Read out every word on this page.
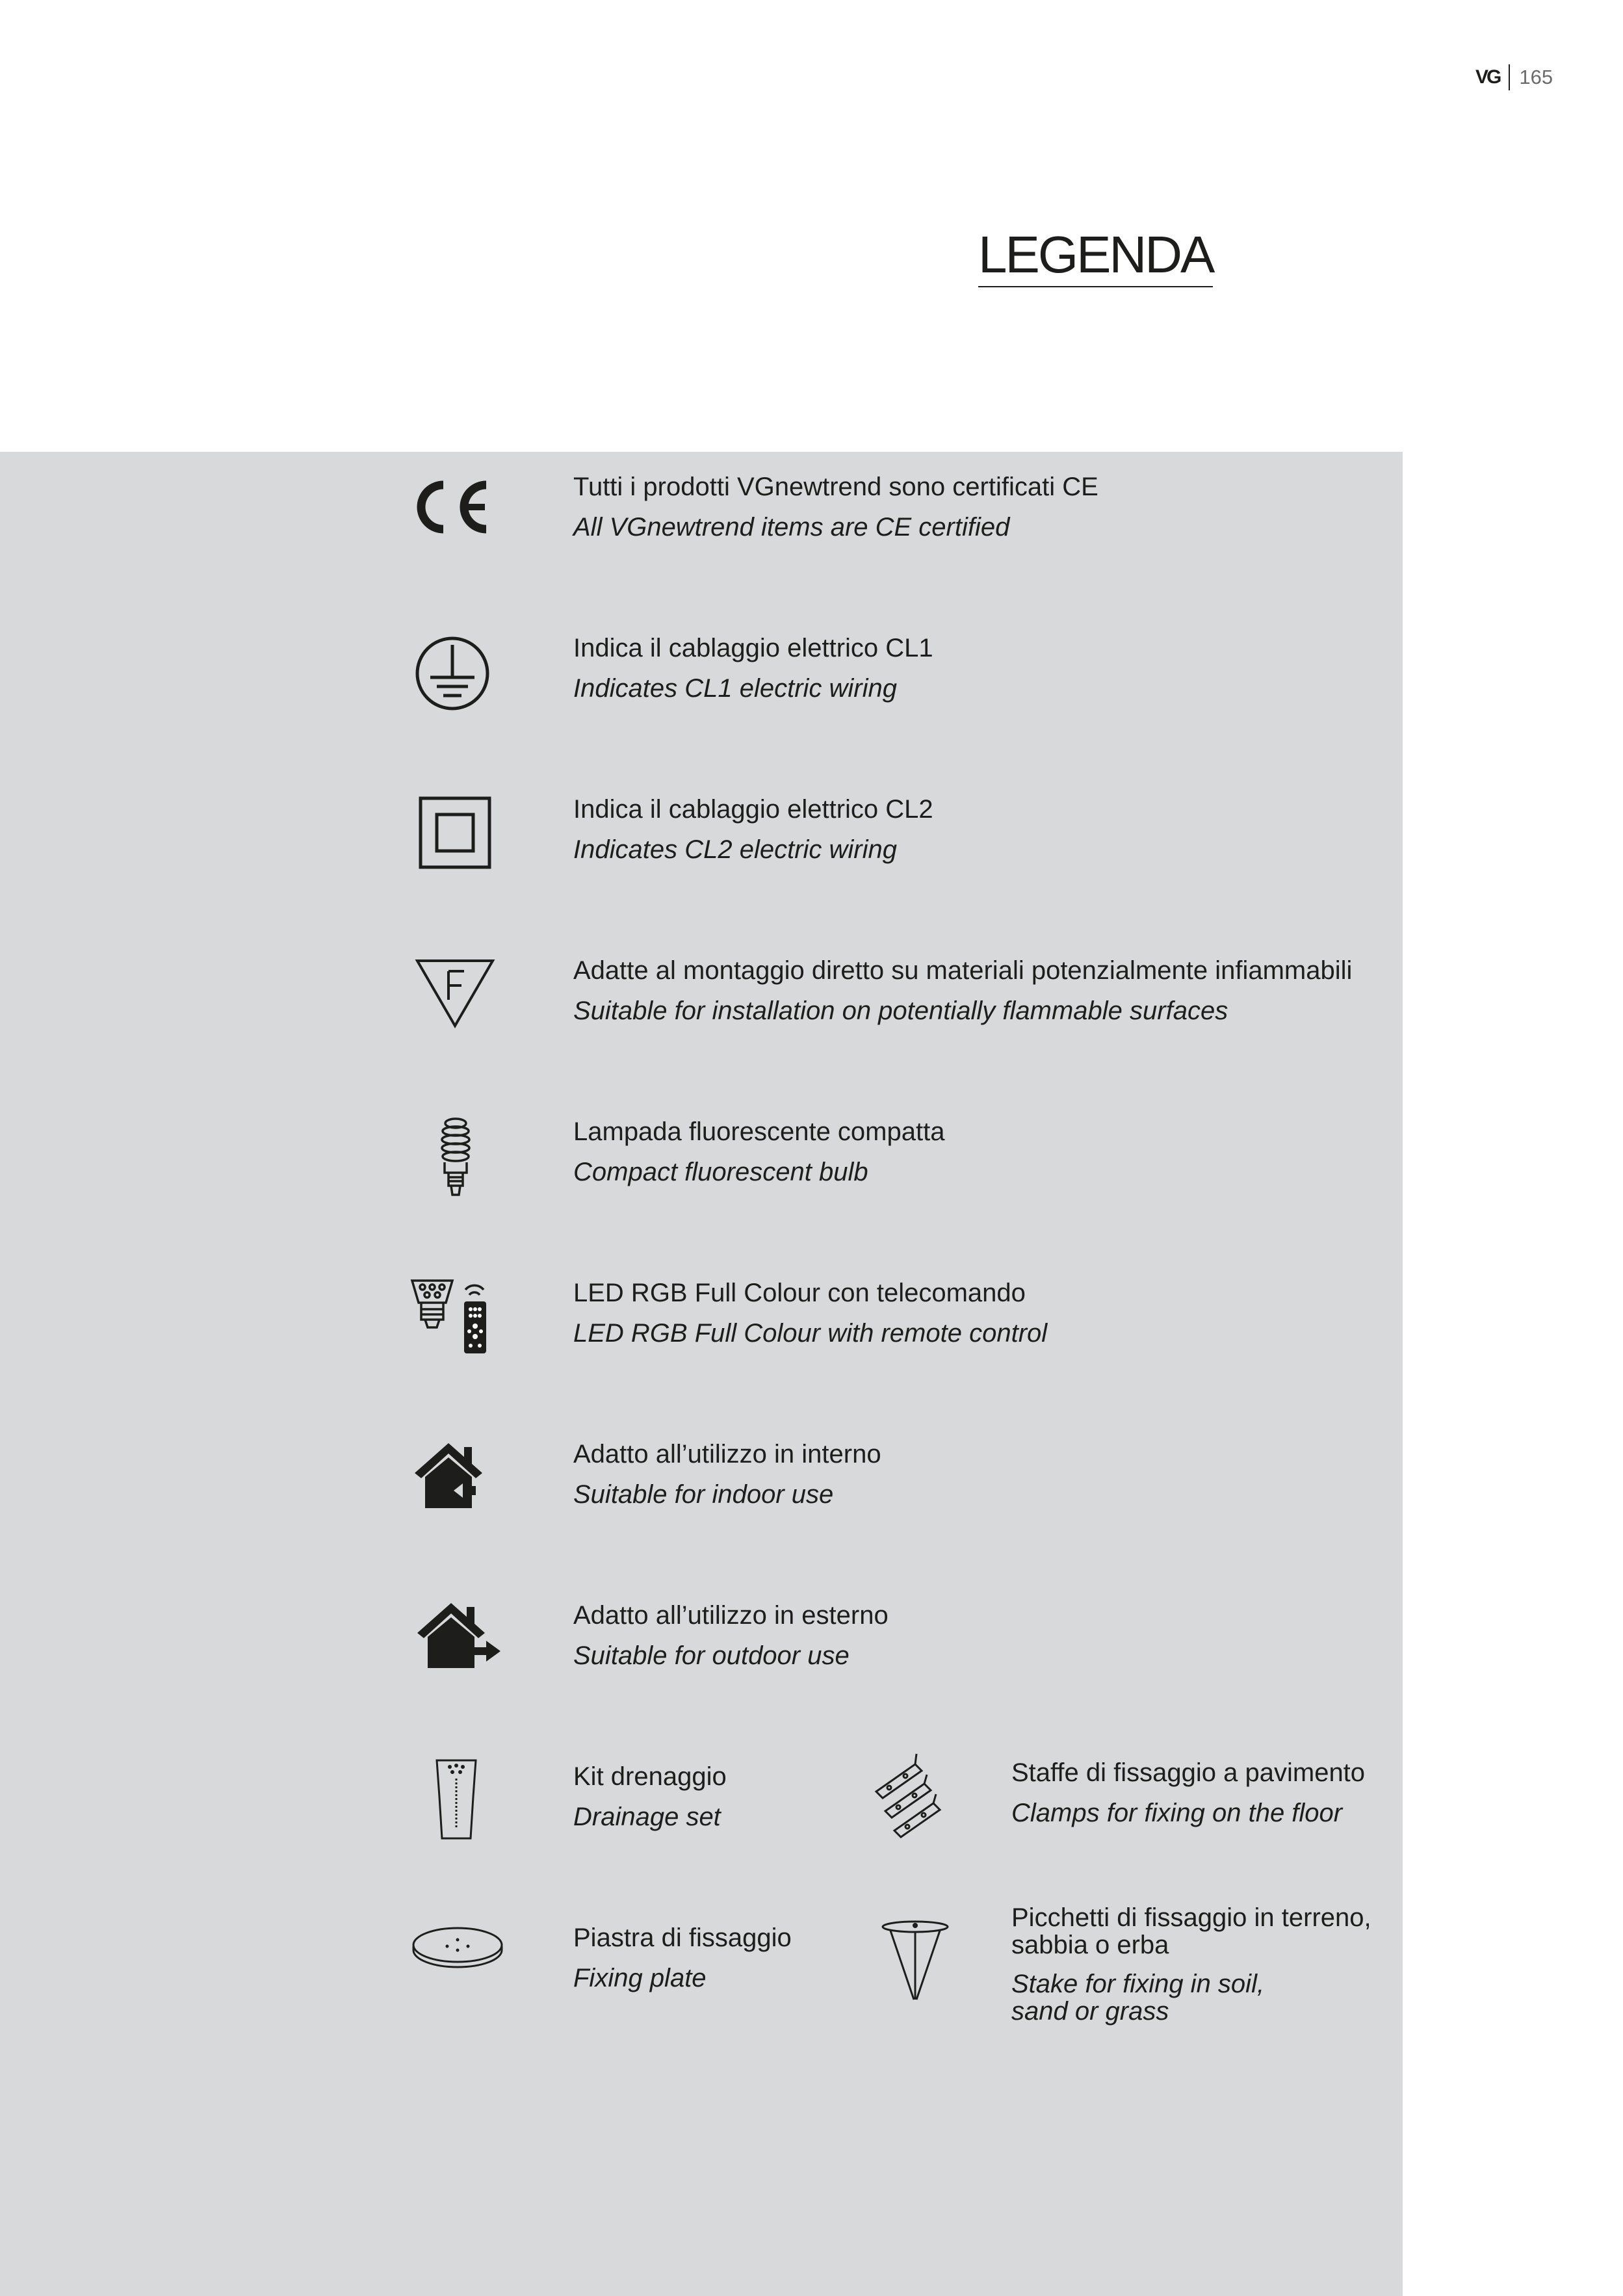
VG 165
LEGENDA
Tutti i prodotti VGnewtrend sono certificati CE
All VGnewtrend items are CE certified
Indica il cablaggio elettrico CL1
Indicates CL1 electric wiring
Indica il cablaggio elettrico CL2
Indicates CL2 electric wiring
Adatte al montaggio diretto su materiali potenzialmente infiammabili
Suitable for installation on potentially flammable surfaces
Lampada fluorescente compatta
Compact fluorescent bulb
LED RGB Full Colour con telecomando
LED RGB Full Colour with remote control
Adatto all’utilizzo in interno
Suitable for indoor use
Adatto all’utilizzo in esterno
Suitable for outdoor use
Kit drenaggio
Drainage set
Staffe di fissaggio a pavimento
Clamps for fixing on the floor
Piastra di fissaggio
Fixing plate
Picchetti di fissaggio in terreno,
sabbia o erba
Stake for fixing in soil,
sand or grass
